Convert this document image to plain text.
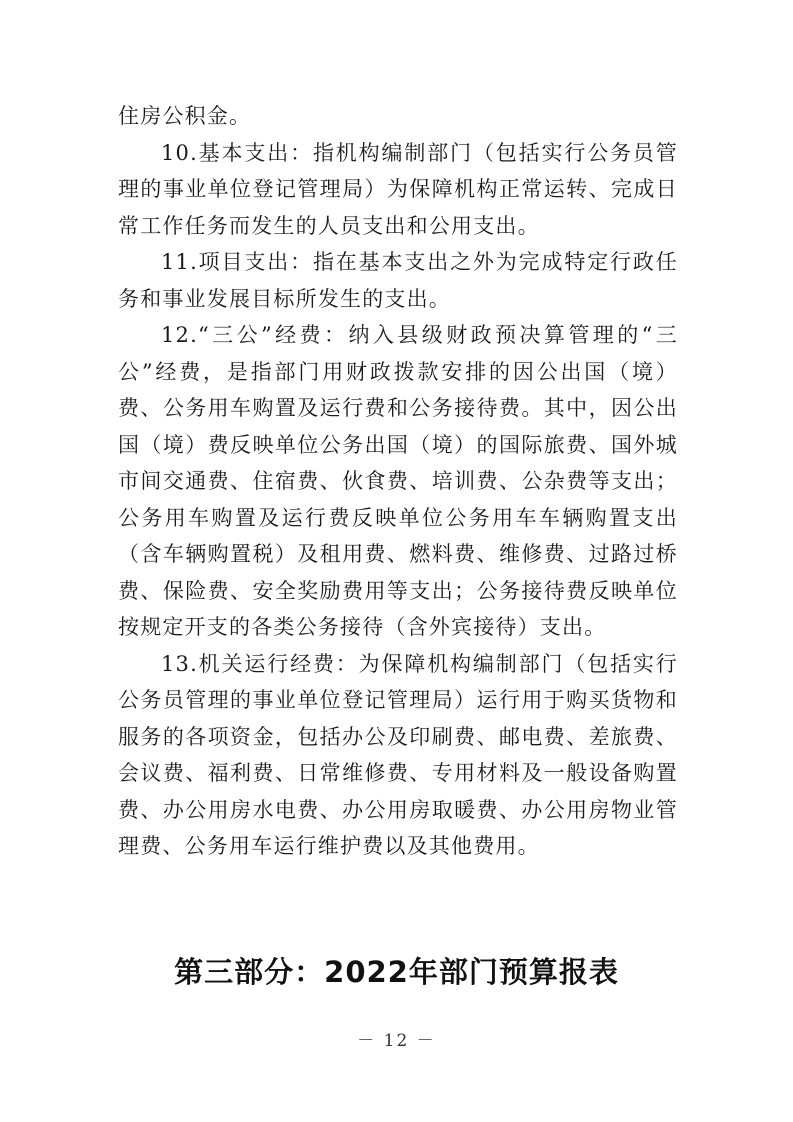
住房公积金。

10.基本支出：指机构编制部门（包括实行公务员管理的事业单位登记管理局）为保障机构正常运转、完成日常工作任务而发生的人员支出和公用支出。

11.项目支出：指在基本支出之外为完成特定行政任务和事业发展目标所发生的支出。

12.“三公”经费：纳入县级财政预决算管理的“三公”经费，是指部门用财政拨款安排的因公出国（境）费、公务用车购置及运行费和公务接待费。其中，因公出国（境）费反映单位公务出国（境）的国际旅费、国外城市间交通费、住宿费、伙食费、培训费、公杂费等支出；公务用车购置及运行费反映单位公务用车车辆购置支出（含车辆购置税）及租用费、燃料费、维修费、过路过桥费、保险费、安全奖励费用等支出；公务接待费反映单位按规定开支的各类公务接待（含外宾接待）支出。

13.机关运行经费：为保障机构编制部门（包括实行公务员管理的事业单位登记管理局）运行用于购买货物和服务的各项资金，包括办公及印刷费、邮电费、差旅费、会议费、福利费、日常维修费、专用材料及一般设备购置费、办公用房水电费、办公用房取暖费、办公用房物业管理费、公务用车运行维护费以及其他费用。

第三部分：2022年部门预算报表
－ 12 －
